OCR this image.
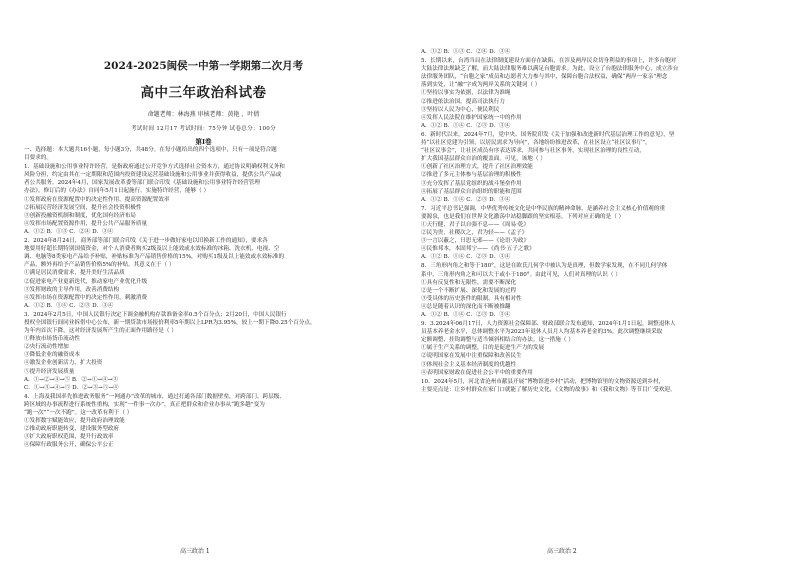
2024-2025闽侯一中第一学期第二次月考
高中三年政治科试卷
命题老师：林海燕 审核老师：黄艳 、叶倩
考试时间 12月17 考试时间：75分钟 试卷总分：100分
第I卷

一、选择题：本大题共16小题，每小题3分，共48分。在每小题给出的四个选项中，只有一项是符合题

目要求的。

1．基础设施和公用事业特许经营，是指政府通过公开竞争方式选择社会资本方，通过协议明确权利义务和

风险分担，约定由其在一定期限和范围内投资建设运营基础设施和公用事业并获得收益，提供公共产品或

者公共服务。2024年4月，国家发展改革委等部门联合印发《基础设施和公用事业特许经营管理

办法》，修订后的《办法》自同年5月1日起施行。实施特许经营，能够（ ）

①发挥政府在资源配置中的决定性作用，提高资源配置效率

②拓展民营经济发展空间，提升社会投资积极性

③创新投融资机制和制度，优化国有经济布局

④发挥市场配置资源作用，提升公共产品服务质量

A．①② B．①③ C．②④ D．③④

2．2024年8月24日，商务部等部门联合印发《关于进一步做好家电以旧换新工作的通知》，要求各

地要用好超长期特别国债资金，对个人消费者购买2级及以上能效或水效标准的冰箱、洗衣机、电视、空

调、电脑等8类家电产品给予补贴，补贴标准为产品销售价格的15%，对购买1级及以上能效或水效标准的

产品，额外再给予产品销售价格5%的补贴。其意义在于（ ）

①满足居民消费需求，提升美好生活品质

②促进家电产业更新迭代，推动家电产业优化升级

③发挥财政的主导作用，改善消费结构

④发挥市场在资源配置中的决定性作用，刺激消费

A．①② B．①④ C．②③ D．③④

3．2024年2月5日，中国人民银行决定下调金融机构存款准备金率0.5个百分点；2月20日，中国人民银行

授权全国银行间同业拆借中心公布，新一期贷款市场报价利率5年期以上LPR为3.95%，较上一期下降0.25个百分点，

为年内首次下降，这对经济发展所产生的正面作用路径是（ ）

①释放市场货币流动性

②央行流动性增加

③降低企业的融资成本

④激发企业创新活力，扩大投资

⑤提升经济发展质量

A．①→②→④→⑤ B．②→①→④→③

C．①→③→④→⑤ D．②→③→⑤→④

4．上海及我国率先推进政务服务“一网通办”改革的城市，通过打通各部门数据壁垒，对跨部门、跨层级、

跨区域的办事流程进行系统性重构，实现“一件事一次办”，真正把群众和企业办事从“跑多趟”变为

“跑一次”“一次不跑”。这一改革有利于（ ）

①发挥数字赋能效应，提升政府治理效能

②推动政府职能转变，建设服务型政府

③扩大政府职权范围，提升行政效率

④保障行政服务公开，确保公平公正

高三政治 1

A．①② B．①③ C．②④ D．③④

5．长期以来，台湾当局在法律制度建设方面存在缺陷，在涉及两岸民众切身利益的事项上，许多台胞对

大陆法律法规缺乏了解，而大陆法律服务难以满足台胞需求。为此，设立了台胞法律服务中心，成立涉台

法律服务团队，“台胞之家”成员和志愿者大力参与其中，保障台胞合法权益，确保“两岸一家亲”理念

落到实处，让“融”字成为两岸关系的关键词（ ）

①坚持以事实为依据，以法律为准绳

②推进依法治国，提高司法执行力

③坚持以人民为中心，便民利民

④发挥人民法院在维护国家统一中的作用

A．①② B．①④ C．②③ D．③④

6．新时代以来，2024年7月，党中央、国务院印发《关于加强和改进新时代基层治理工作的意见》，坚

持“以社区党建为引领，以居民需求为导向”，各地纷纷推进改革，在社区设立“社区议事厅”，

“社区议事会”，让社区成员有序表达诉求，共同参与社区事务，实现社区治理的良性互动，

扩大我国基层群众自治的覆盖面。可见，该地（ ）

①创新了社区治理方式，提升了社区治理效能

②推进了多元主体参与基层治理的积极性

③充分发挥了基层党组织的战斗堡垒作用

④拓展了基层群众自治组织的职能和范围

A．①② B．①④ C．②③ D．③④

7．习近平总书记强调，中华优秀传统文化是中华民族的精神命脉，是涵养社会主义核心价值观的重

要源泉，也是我们在世界文化激荡中站稳脚跟的坚实根基。下列对应正确的是（ ）

①天行健，君子以自强不息——《周易·乾》

②民为贵，社稷次之，君为轻——《孟子》

③一言以蔽之，曰思无邪——《论语·为政》

④民惟邦本，本固邦宁——《尚书·五子之歌》

A．①② B．①④ C．②③ D．③④

8．三角形内角之和等于180°，这是在欧氏几何学中被认为是真理，但数学家发现，在不同几何学体

系中，三角形内角之和可以大于或小于180°。由此可见，人们对真理的认识（ ）

①具有反复性和无限性，需要不断深化

②是一个不断扩展、深化和发展的过程

③受具体的历史条件的限制，具有相对性

④总是随着认识的深化而不断被推翻

A．①② B．①④ C．②③ D．③④

9．3.2024年06月17日，人力资源社会保障部、财政部联合发布通知，2024年1月1日起，调整退休人

员基本养老金水平，总体调整水平为2023年退休人员月人均基本养老金的3%。此次调整继续采取

定额调整、挂钩调整与适当倾斜相结合的办法。这一措施（ ）

①属于生产关系的调整，目的是促进生产力的发展

②说明国家在发展中注重保障和改善民生

③体现社会主义基本经济制度的优越性

④表明国家财政在促进社会公平中的重要作用

10．2024年5月，河北省沧州市献县开展“博物馆进乡村”活动，把博物馆里的文物资源送到乡村，

主要亮点是：让乡村群众在家门口就能了解历史文化，《文物的故事》和《我和文物》等节目广受欢迎。

高三政治 2
